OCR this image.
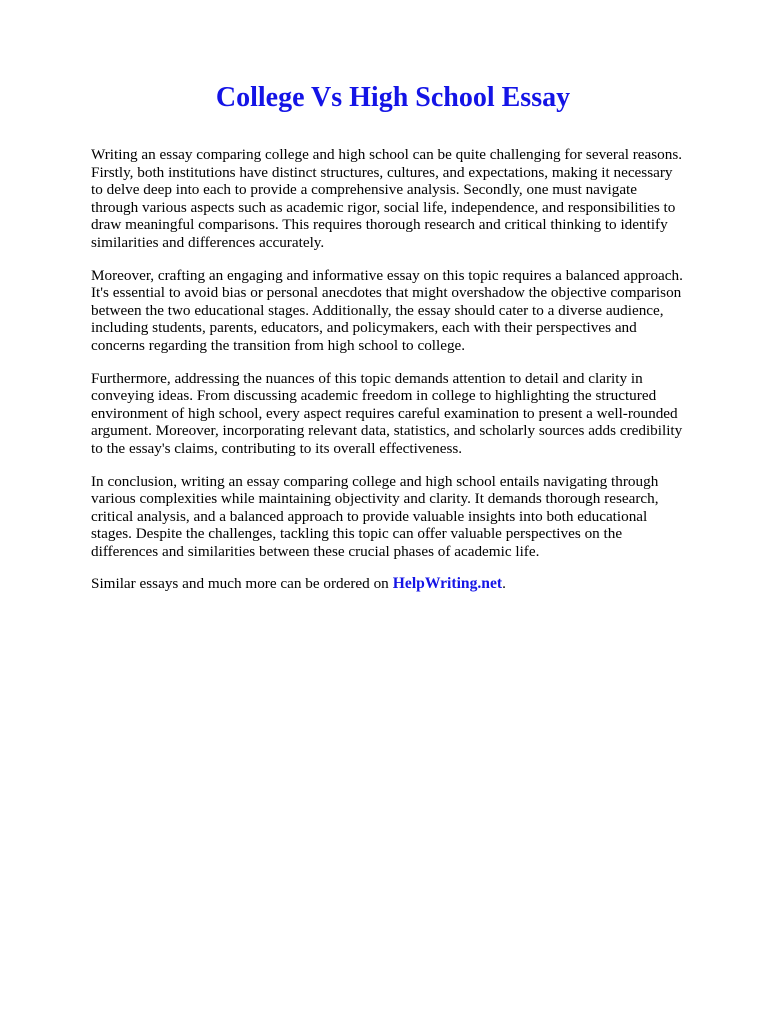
College Vs High School Essay

Writing an essay comparing college and high school can be quite challenging for several reasons. Firstly, both institutions have distinct structures, cultures, and expectations, making it necessary to delve deep into each to provide a comprehensive analysis. Secondly, one must navigate through various aspects such as academic rigor, social life, independence, and responsibilities to draw meaningful comparisons. This requires thorough research and critical thinking to identify similarities and differences accurately.

Moreover, crafting an engaging and informative essay on this topic requires a balanced approach. It's essential to avoid bias or personal anecdotes that might overshadow the objective comparison between the two educational stages. Additionally, the essay should cater to a diverse audience, including students, parents, educators, and policymakers, each with their perspectives and concerns regarding the transition from high school to college.

Furthermore, addressing the nuances of this topic demands attention to detail and clarity in conveying ideas. From discussing academic freedom in college to highlighting the structured environment of high school, every aspect requires careful examination to present a well-rounded argument. Moreover, incorporating relevant data, statistics, and scholarly sources adds credibility to the essay's claims, contributing to its overall effectiveness.

In conclusion, writing an essay comparing college and high school entails navigating through various complexities while maintaining objectivity and clarity. It demands thorough research, critical analysis, and a balanced approach to provide valuable insights into both educational stages. Despite the challenges, tackling this topic can offer valuable perspectives on the differences and similarities between these crucial phases of academic life.

Similar essays and much more can be ordered on HelpWriting.net.
